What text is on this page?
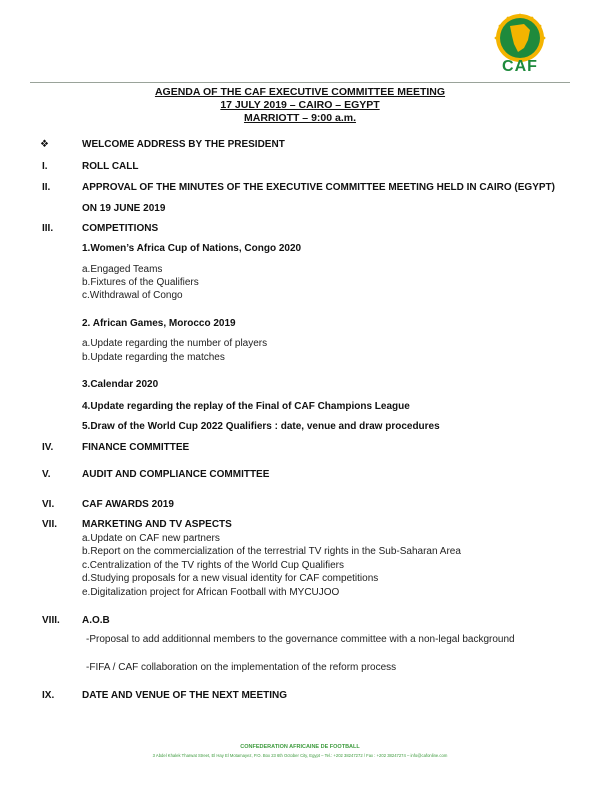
CAF
AGENDA OF THE CAF EXECUTIVE COMMITTEE MEETING
17 JULY 2019 – CAIRO – EGYPT
MARRIOTT – 9:00 a.m.
❖	WELCOME ADDRESS BY THE PRESIDENT
I.	ROLL CALL
II.	APPROVAL OF THE MINUTES OF THE EXECUTIVE COMMITTEE MEETING HELD IN CAIRO (EGYPT)
ON 19 JUNE 2019
III.	COMPETITIONS
1.Women’s Africa Cup of Nations, Congo 2020
a.Engaged Teams
b.Fixtures of the Qualifiers
c.Withdrawal of Congo
2. African Games, Morocco 2019
a.Update regarding the number of players
b.Update regarding the matches
3.Calendar 2020
4.Update regarding the replay of the Final of CAF Champions League
5.Draw of the World Cup 2022 Qualifiers : date, venue and draw procedures
IV.	FINANCE COMMITTEE
V.	AUDIT AND COMPLIANCE COMMITTEE
VI.	CAF AWARDS 2019
VII. MARKETING AND TV ASPECTS
a.Update on CAF new partners
b.Report on the commercialization of the terrestrial TV rights in the Sub-Saharan Area
c.Centralization of the TV rights of the World Cup Qualifiers
d.Studying proposals for a new visual identity for CAF competitions
e.Digitalization project for African Football with MYCUJOO
VIII. A.O.B
-Proposal to add additionnal members to the governance committee with a non-legal background
-FIFA / CAF collaboration on the implementation of the reform process
IX.	DATE AND VENUE OF THE NEXT MEETING
CONFEDERATION AFRICAINE DE FOOTBALL
3 Abdel Khalek Tharwat Street, El Hay El Motamayez, P.O. Box 23 6th October City, Egypt – Tel.: +202 38247272 / Fax : +202 38247274 – info@cafonline.com
